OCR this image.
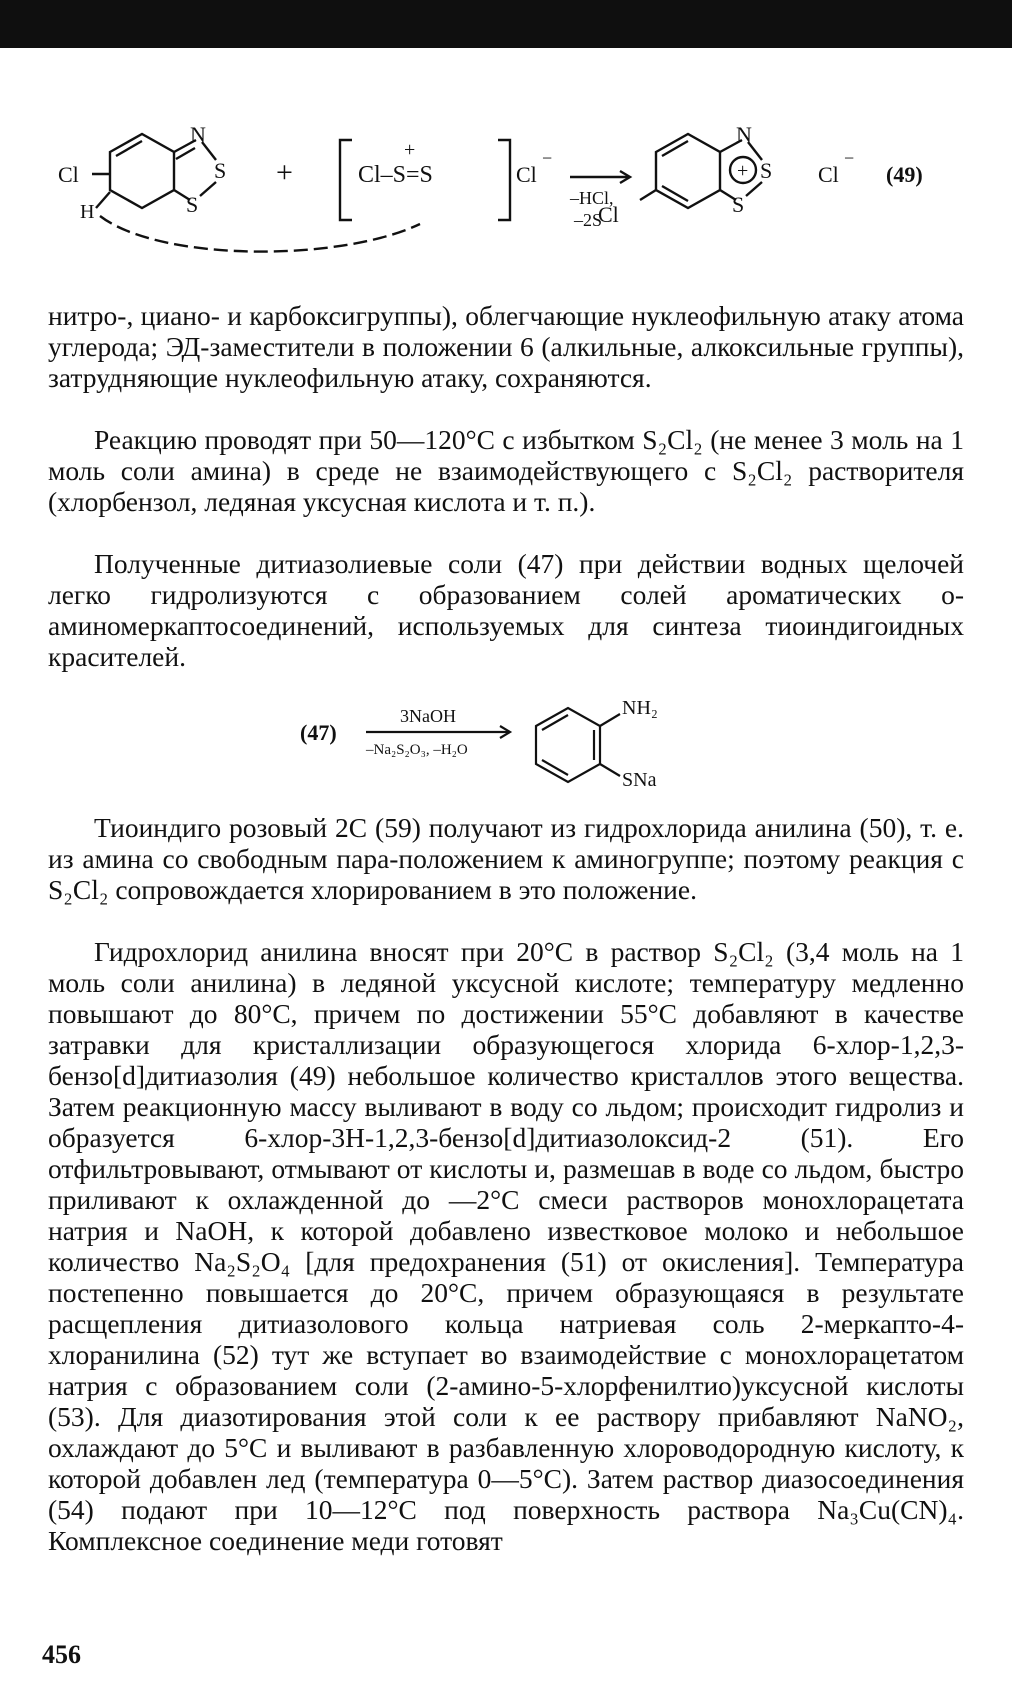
Cl
H
N
S
S
+	Cl–S=S
+
Cl
−
–HCl,
–2S
N
+ S
S
Cl
Cl
−
(49)

нитро-, циано- и карбоксигруппы), облегчающие нуклеофильную атаку атома углерода; ЭД-заместители в положении 6 (алкильные, алкоксильные группы), затрудняющие нуклеофильную атаку, сохраняются.

Реакцию проводят при 50—120°С с избытком S₂Cl₂ (не менее 3 моль на 1 моль соли амина) в среде не взаимодействующего с S₂Cl₂ растворителя (хлорбензол, ледяная уксусная кислота и т. п.).

Полученные дитиазолиевые соли (47) при действии водных щелочей легко гидролизуются с образованием солей ароматических о-аминомеркаптосоединений, используемых для синтеза тиоиндигоидных красителей.

(47)
3NaOH
–Na₂S₂O₃, –H₂O
NH₂
SNa

Тиоиндиго розовый 2С (59) получают из гидрохлорида анилина (50), т. е. из амина со свободным пара-положением к аминогруппе; поэтому реакция с S₂Cl₂ сопровождается хлорированием в это положение.

Гидрохлорид анилина вносят при 20°С в раствор S₂Cl₂ (3,4 моль на 1 моль соли анилина) в ледяной уксусной кислоте; температуру медленно повышают до 80°С, причем по достижении 55°С добавляют в качестве затравки для кристаллизации образующегося хлорида 6-хлор-1,2,3-бензо[d]дитиазолия (49) небольшое количество кристаллов этого вещества. Затем реакционную массу выливают в воду со льдом; происходит гидролиз и образуется 6-хлор-3H-1,2,3-бензо[d]дитиазолоксид-2 (51). Его отфильтровывают, отмывают от кислоты и, размешав в воде со льдом, быстро приливают к охлажденной до —2°С смеси растворов монохлорацетата натрия и NaOH, к которой добавлено известковое молоко и небольшое количество Na₂S₂O₄ [для предохранения (51) от окисления]. Температура постепенно повышается до 20°С, причем образующаяся в результате расщепления дитиазолового кольца натриевая соль 2-меркапто-4-хлоранилина (52) тут же вступает во взаимодействие с монохлорацетатом натрия с образованием соли (2-амино-5-хлорфенилтио)уксусной кислоты (53). Для диазотирования этой соли к ее раствору прибавляют NaNO₂, охлаждают до 5°С и выливают в разбавленную хлороводородную кислоту, к которой добавлен лед (температура 0—5°С). Затем раствор диазосоединения (54) подают при 10—12°С под поверхность раствора Na₃Cu(CN)₄. Комплексное соединение меди готовят

456
